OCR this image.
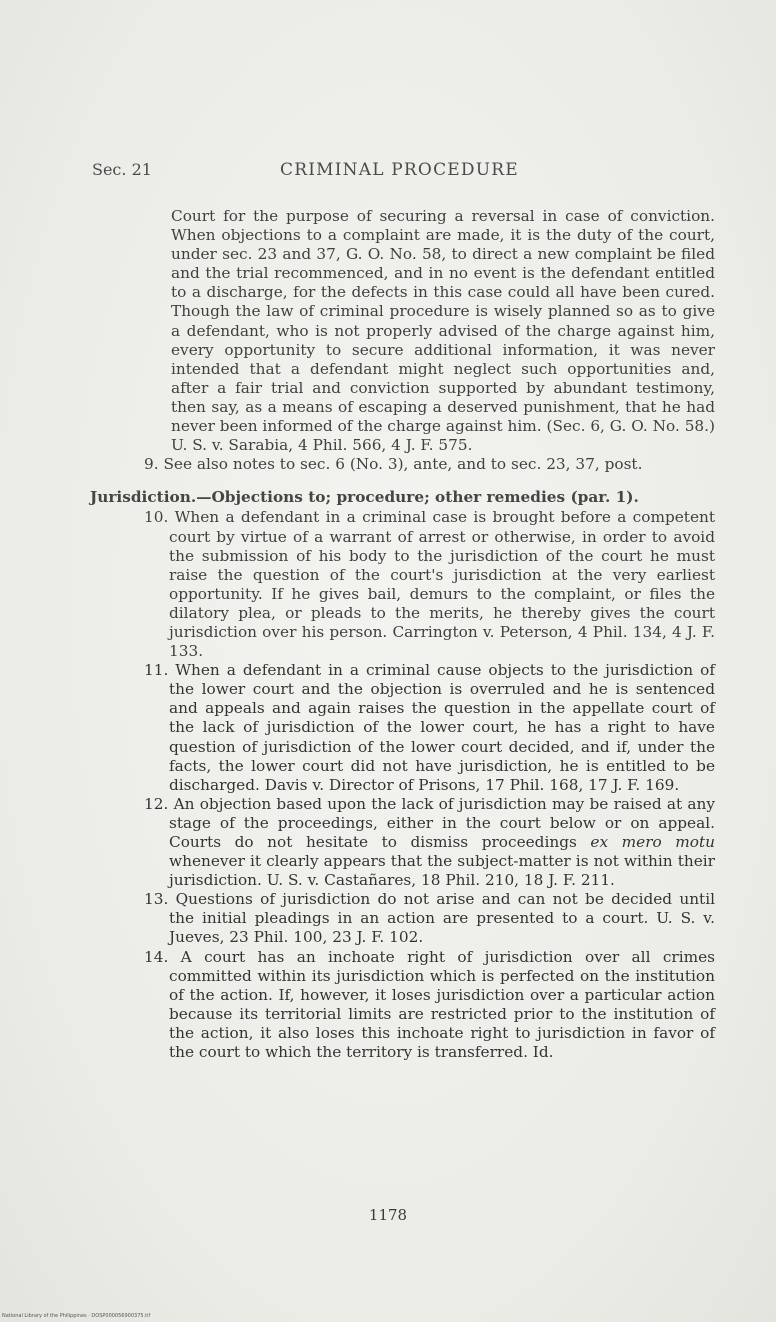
Sec. 21	CRIMINAL PROCEDURE

Court for the purpose of securing a reversal in case of conviction. When objections to a complaint are made, it is the duty of the court, under sec. 23 and 37, G. O. No. 58, to direct a new complaint be filed and the trial recommenced, and in no event is the defendant entitled to a discharge, for the defects in this case could all have been cured. Though the law of criminal procedure is wisely planned so as to give a defendant, who is not properly advised of the charge against him, every opportunity to secure additional information, it was never intended that a defendant might neglect such opportunities and, after a fair trial and conviction supported by abundant testimony, then say, as a means of escaping a deserved punishment, that he had never been informed of the charge against him. (Sec. 6, G. O. No. 58.) U. S. v. Sarabia, 4 Phil. 566, 4 J. F. 575.

9. See also notes to sec. 6 (No. 3), ante, and to sec. 23, 37, post.

Jurisdiction.—Objections to; procedure; other remedies (par. 1).

10. When a defendant in a criminal case is brought before a competent court by virtue of a warrant of arrest or otherwise, in order to avoid the submission of his body to the jurisdiction of the court he must raise the question of the court's jurisdiction at the very earliest opportunity. If he gives bail, demurs to the complaint, or files the dilatory plea, or pleads to the merits, he thereby gives the court jurisdiction over his person. Carrington v. Peterson, 4 Phil. 134, 4 J. F. 133.

11. When a defendant in a criminal cause objects to the jurisdiction of the lower court and the objection is overruled and he is sentenced and appeals and again raises the question in the appellate court of the lack of jurisdiction of the lower court, he has a right to have question of jurisdiction of the lower court decided, and if, under the facts, the lower court did not have jurisdiction, he is entitled to be discharged. Davis v. Director of Prisons, 17 Phil. 168, 17 J. F. 169.

12. An objection based upon the lack of jurisdiction may be raised at any stage of the proceedings, either in the court below or on appeal. Courts do not hesitate to dismiss proceedings ex mero motu whenever it clearly appears that the subject-matter is not within their jurisdiction. U. S. v. Castañares, 18 Phil. 210, 18 J. F. 211.

13. Questions of jurisdiction do not arise and can not be decided until the initial pleadings in an action are presented to a court. U. S. v. Jueves, 23 Phil. 100, 23 J. F. 102.

14. A court has an inchoate right of jurisdiction over all crimes committed within its jurisdiction which is perfected on the institution of the action. If, however, it loses jurisdiction over a particular action because its territorial limits are restricted prior to the institution of the action, it also loses this inchoate right to jurisdiction in favor of the court to which the territory is transferred. Id.

1178
National Library of the Philippines · DOSP000056900375.tif
